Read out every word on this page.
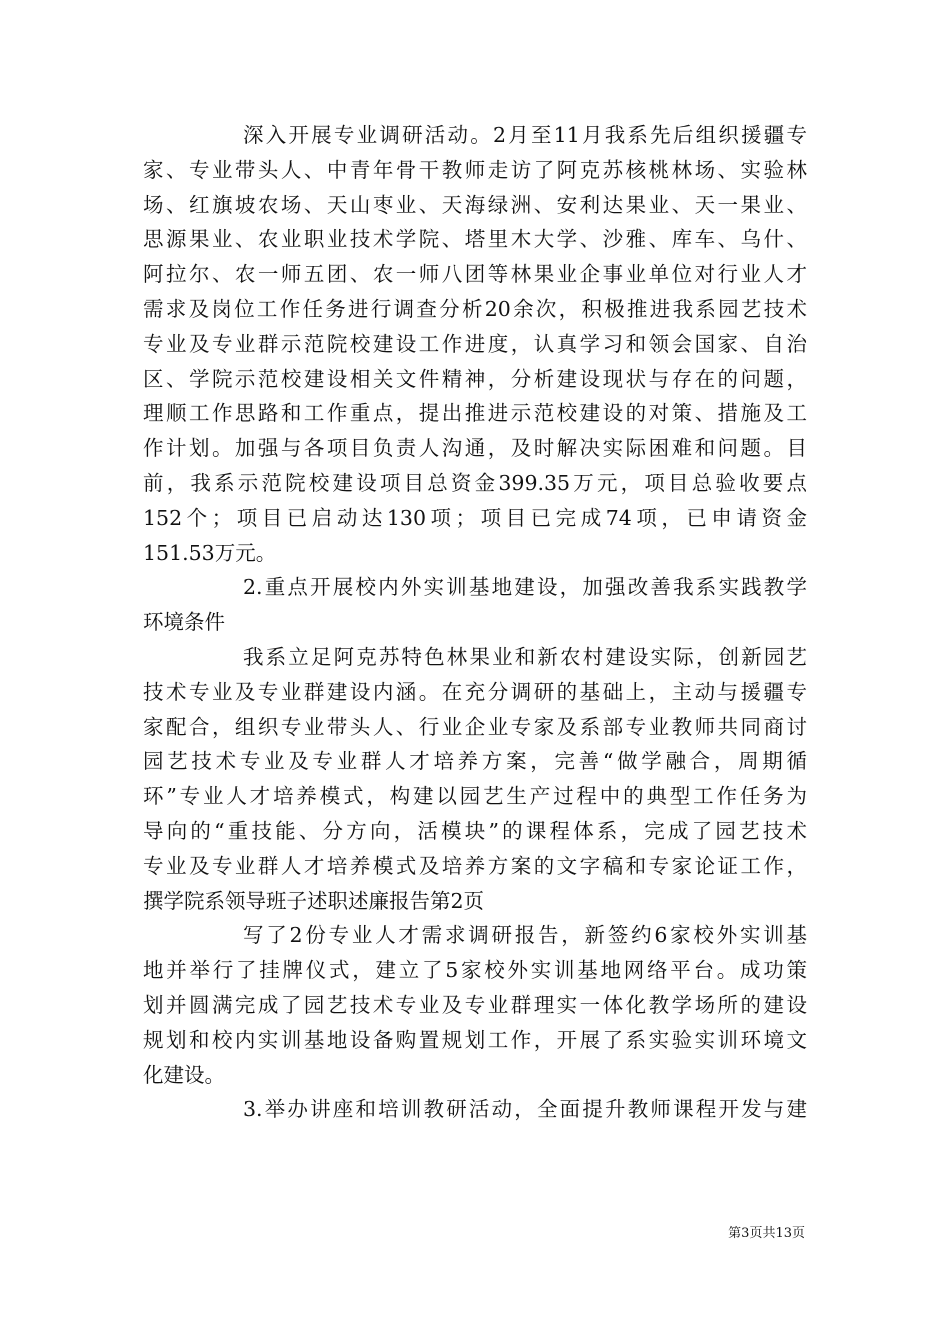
深入开展专业调研活动。2月至11月我系先后组织援疆专
家、专业带头人、中青年骨干教师走访了阿克苏核桃林场、实验林
场、红旗坡农场、天山枣业、天海绿洲、安利达果业、天一果业、
思源果业、农业职业技术学院、塔里木大学、沙雅、库车、乌什、
阿拉尔、农一师五团、农一师八团等林果业企事业单位对行业人才
需求及岗位工作任务进行调查分析20余次，积极推进我系园艺技术
专业及专业群示范院校建设工作进度，认真学习和领会国家、自治
区、学院示范校建设相关文件精神，分析建设现状与存在的问题，
理顺工作思路和工作重点，提出推进示范校建设的对策、措施及工
作计划。加强与各项目负责人沟通，及时解决实际困难和问题。目
前，我系示范院校建设项目总资金399.35万元，项目总验收要点
152个；项目已启动达130项；项目已完成74项，已申请资金
151.53万元。
2.重点开展校内外实训基地建设，加强改善我系实践教学
环境条件
我系立足阿克苏特色林果业和新农村建设实际，创新园艺
技术专业及专业群建设内涵。在充分调研的基础上，主动与援疆专
家配合，组织专业带头人、行业企业专家及系部专业教师共同商讨
园艺技术专业及专业群人才培养方案，完善“做学融合，周期循
环”专业人才培养模式，构建以园艺生产过程中的典型工作任务为
导向的“重技能、分方向，活模块”的课程体系，完成了园艺技术
专业及专业群人才培养模式及培养方案的文字稿和专家论证工作，
撰学院系领导班子述职述廉报告第2页
写了2份专业人才需求调研报告，新签约6家校外实训基
地并举行了挂牌仪式，建立了5家校外实训基地网络平台。成功策
划并圆满完成了园艺技术专业及专业群理实一体化教学场所的建设
规划和校内实训基地设备购置规划工作，开展了系实验实训环境文
化建设。
3.举办讲座和培训教研活动，全面提升教师课程开发与建
第3页共13页
